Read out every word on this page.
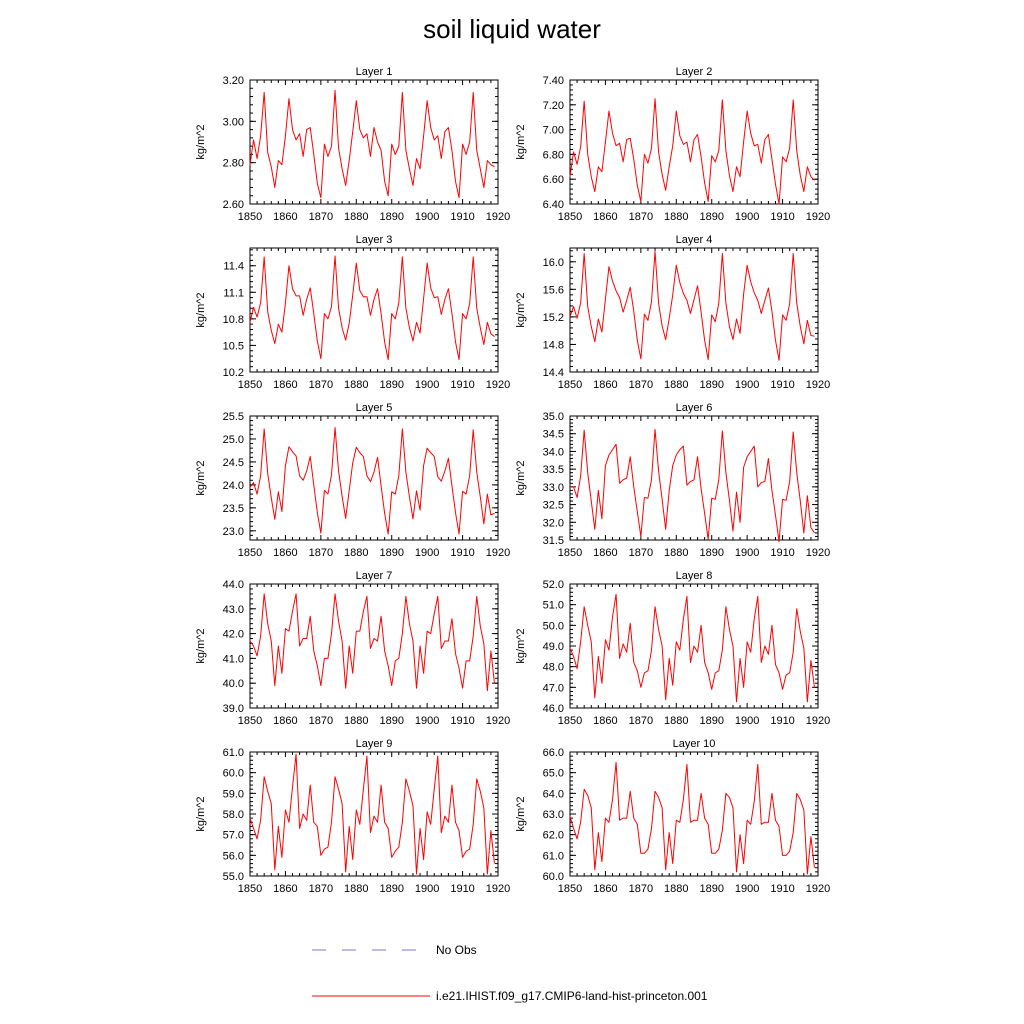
soil liquid water
Layer 1
kg/m^2
1850 1860 1870 1880 1890 1900 1910 1920
2.60
2.80
3.00
3.20
Layer 2
kg/m^2
1850 1860 1870 1880 1890 1900 1910 1920
6.40
6.60
6.80
7.00
7.20
7.40
Layer 3
kg/m^2
1850 1860 1870 1880 1890 1900 1910 1920
10.2
10.5
10.8
11.1
11.4
Layer 4
kg/m^2
1850 1860 1870 1880 1890 1900 1910 1920
14.4
14.8
15.2
15.6
16.0
Layer 5
kg/m^2
1850 1860 1870 1880 1890 1900 1910 1920
23.0
23.5
24.0
24.5
25.0
25.5
Layer 6
kg/m^2
1850 1860 1870 1880 1890 1900 1910 1920
31.5
32.0
32.5
33.0
33.5
34.0
34.5
35.0
Layer 7
kg/m^2
1850 1860 1870 1880 1890 1900 1910 1920
39.0
40.0
41.0
42.0
43.0
44.0
Layer 8
kg/m^2
1850 1860 1870 1880 1890 1900 1910 1920
46.0
47.0
48.0
49.0
50.0
51.0
52.0
Layer 9
kg/m^2
1850 1860 1870 1880 1890 1900 1910 1920
55.0
56.0
57.0
58.0
59.0
60.0
61.0
Layer 10
kg/m^2
1850 1860 1870 1880 1890 1900 1910 1920
60.0
61.0
62.0
63.0
64.0
65.0
66.0
No Obs
i.e21.IHIST.f09_g17.CMIP6-land-hist-princeton.001
